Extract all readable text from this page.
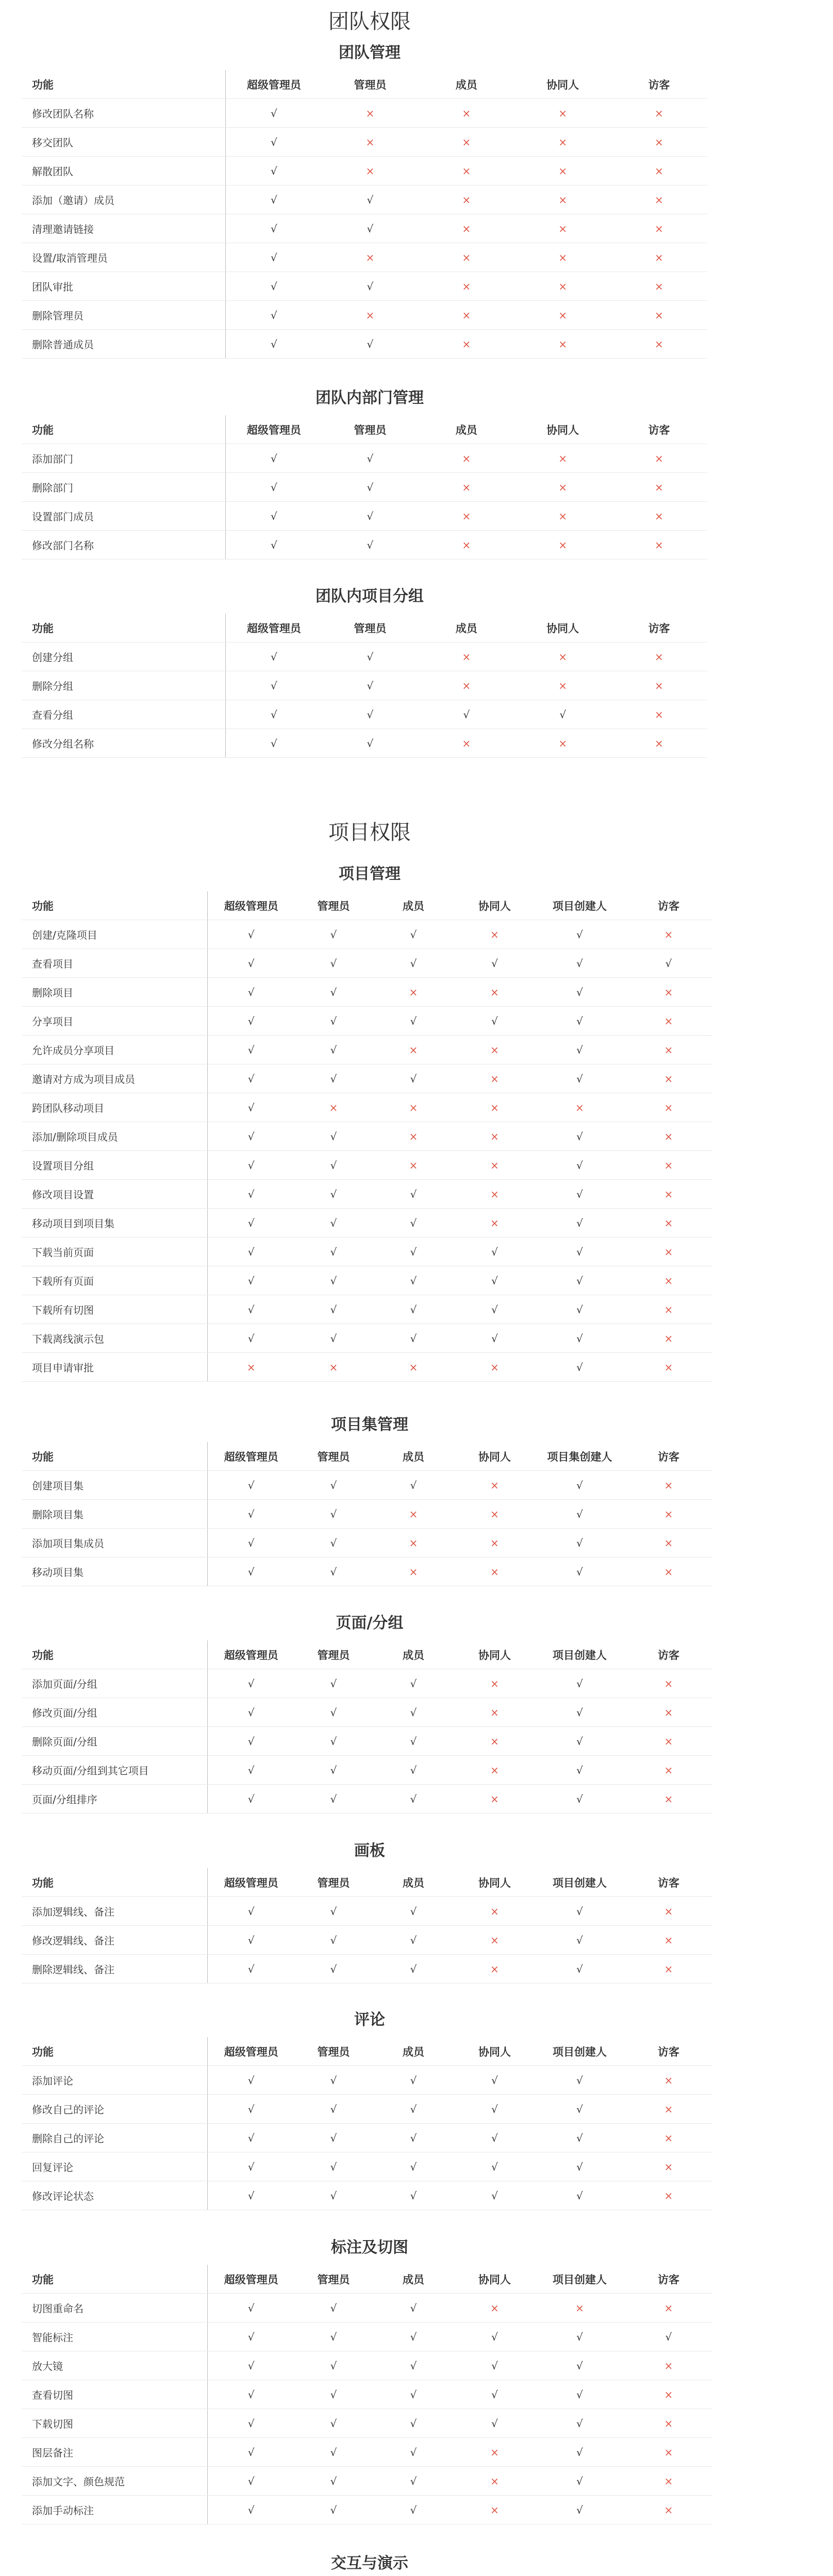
团队权限
团队管理
功能	超级管理员	管理员	成员	协同人	访客
修改团队名称	√	×	×	×	×
移交团队	√	×	×	×	×
解散团队	√	×	×	×	×
添加（邀请）成员	√	√	×	×	×
清理邀请链接	√	√	×	×	×
设置/取消管理员	√	×	×	×	×
团队审批	√	√	×	×	×
删除管理员	√	×	×	×	×
删除普通成员	√	√	×	×	×
团队内部门管理
功能	超级管理员	管理员	成员	协同人	访客
添加部门	√	√	×	×	×
删除部门	√	√	×	×	×
设置部门成员	√	√	×	×	×
修改部门名称	√	√	×	×	×
团队内项目分组
功能	超级管理员	管理员	成员	协同人	访客
创建分组	√	√	×	×	×
删除分组	√	√	×	×	×
查看分组	√	√	√	√	×
修改分组名称	√	√	×	×	×
项目权限
项目管理
功能	超级管理员	管理员	成员	协同人	项目创建人	访客
创建/克隆项目	√	√	√	×	√	×
查看项目	√	√	√	√	√	√
删除项目	√	√	×	×	√	×
分享项目	√	√	√	√	√	×
允许成员分享项目	√	√	×	×	√	×
邀请对方成为项目成员	√	√	√	×	√	×
跨团队移动项目	√	×	×	×	×	×
添加/删除项目成员	√	√	×	×	√	×
设置项目分组	√	√	×	×	√	×
修改项目设置	√	√	√	×	√	×
移动项目到项目集	√	√	√	×	√	×
下载当前页面	√	√	√	√	√	×
下载所有页面	√	√	√	√	√	×
下载所有切图	√	√	√	√	√	×
下载离线演示包	√	√	√	√	√	×
项目申请审批	×	×	×	×	√	×
项目集管理
功能	超级管理员	管理员	成员	协同人	项目集创建人	访客
创建项目集	√	√	√	×	√	×
删除项目集	√	√	×	×	√	×
添加项目集成员	√	√	×	×	√	×
移动项目集	√	√	×	×	√	×
页面/分组
功能	超级管理员	管理员	成员	协同人	项目创建人	访客
添加页面/分组	√	√	√	×	√	×
修改页面/分组	√	√	√	×	√	×
删除页面/分组	√	√	√	×	√	×
移动页面/分组到其它项目	√	√	√	×	√	×
页面/分组排序	√	√	√	×	√	×
画板
功能	超级管理员	管理员	成员	协同人	项目创建人	访客
添加逻辑线、备注	√	√	√	×	√	×
修改逻辑线、备注	√	√	√	×	√	×
删除逻辑线、备注	√	√	√	×	√	×
评论
功能	超级管理员	管理员	成员	协同人	项目创建人	访客
添加评论	√	√	√	√	√	×
修改自己的评论	√	√	√	√	√	×
删除自己的评论	√	√	√	√	√	×
回复评论	√	√	√	√	√	×
修改评论状态	√	√	√	√	√	×
标注及切图
功能	超级管理员	管理员	成员	协同人	项目创建人	访客
切图重命名	√	√	√	×	×	×
智能标注	√	√	√	√	√	√
放大镜	√	√	√	√	√	×
查看切图	√	√	√	√	√	×
下载切图	√	√	√	√	√	×
图层备注	√	√	√	×	√	×
添加文字、颜色规范	√	√	√	×	√	×
添加手动标注	√	√	√	×	√	×
交互与演示
